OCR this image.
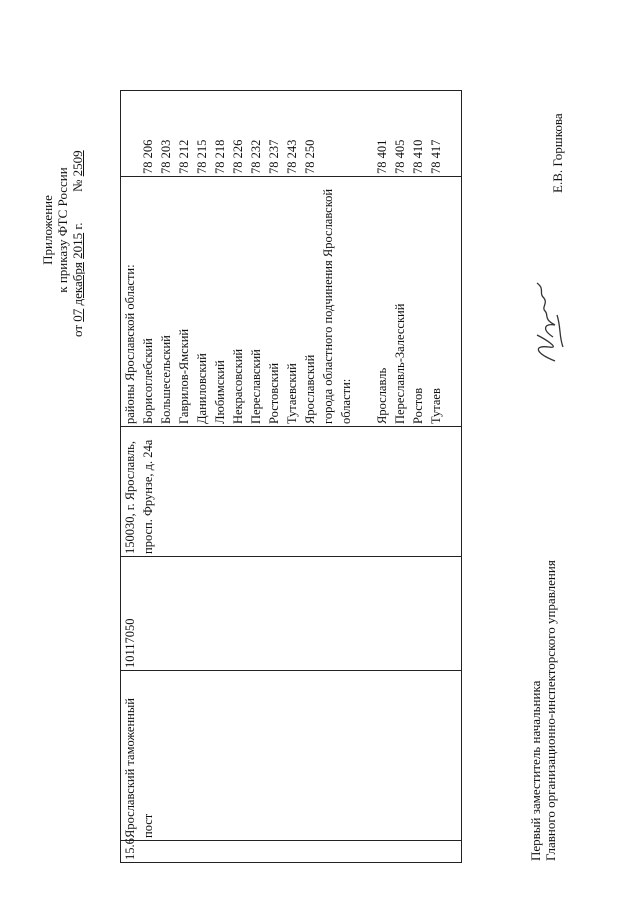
Приложение к приказу ФТС России
от 07 декабря 2015 г.  № 2509
15.6	Ярославский таможенный пост	10117050	150030, г. Ярославль, просп. Фрунзе, д. 24а	районы Ярославской области:	
				Борисоглебский	78 206
				Большесельский	78 203
				Гаврилов-Ямский	78 212
				Даниловский	78 215
				Любимский	78 218
				Некрасовский	78 226
				Переславский	78 232
				Ростовский	78 237
				Тутаевский	78 243
				Ярославский	78 250
				города областного подчинения Ярославской области:	
				Ярославль	78 401
				Переславль-Залесский	78 405
				Ростов	78 410
				Тутаев	78 417

Первый заместитель начальника Главного организационно-инспекторского управления
Е.В. Горшкова
